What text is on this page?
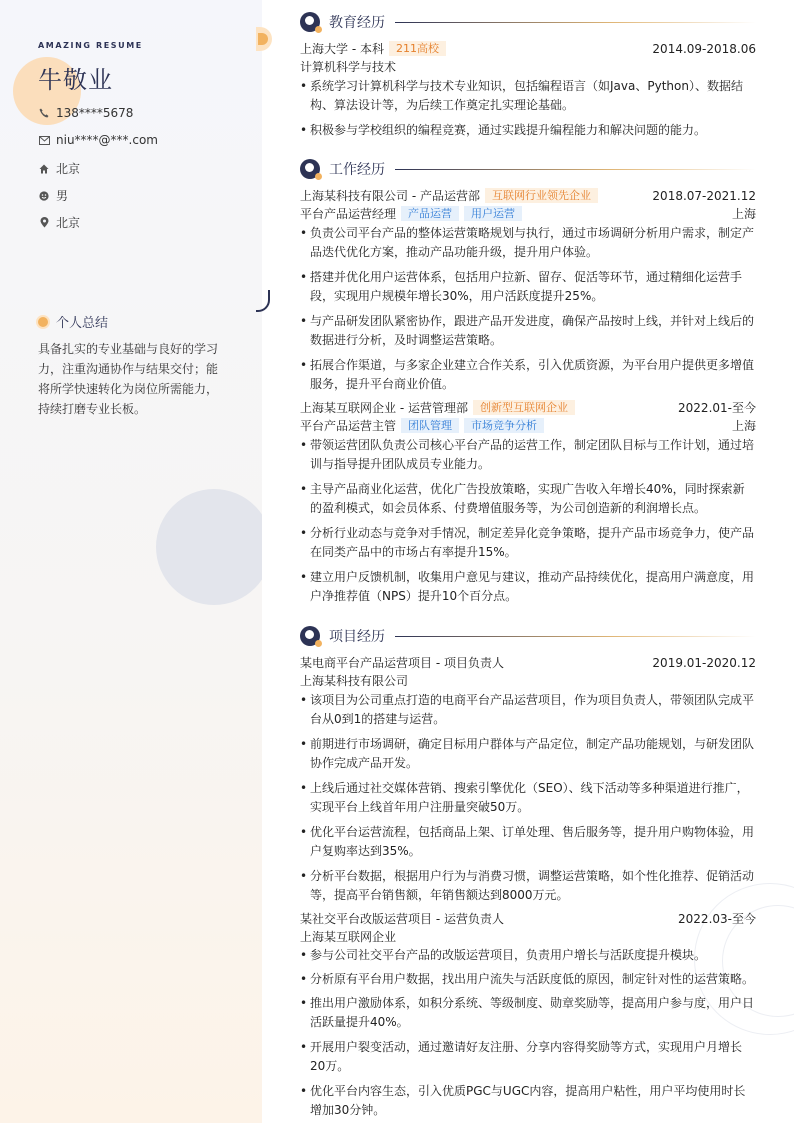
AMAZING RESUME
牛敬业
138****5678
niu****@***.com
北京
男
北京
个人总结
具备扎实的专业基础与良好的学习力，注重沟通协作与结果交付；能将所学快速转化为岗位所需能力，持续打磨专业长板。
教育经历
上海大学 - 本科	211高校	2014.09-2018.06
计算机科学与技术
• 系统学习计算机科学与技术专业知识，包括编程语言（如Java、Python）、数据结构、算法设计等，为后续工作奠定扎实理论基础。
• 积极参与学校组织的编程竞赛，通过实践提升编程能力和解决问题的能力。
工作经历
上海某科技有限公司 - 产品运营部	互联网行业领先企业	2018.07-2021.12
平台产品运营经理	产品运营	用户运营	上海
• 负责公司平台产品的整体运营策略规划与执行，通过市场调研分析用户需求，制定产品迭代优化方案，推动产品功能升级，提升用户体验。
• 搭建并优化用户运营体系，包括用户拉新、留存、促活等环节，通过精细化运营手段，实现用户规模年增长30%，用户活跃度提升25%。
• 与产品研发团队紧密协作，跟进产品开发进度，确保产品按时上线，并针对上线后的数据进行分析，及时调整运营策略。
• 拓展合作渠道，与多家企业建立合作关系，引入优质资源，为平台用户提供更多增值服务，提升平台商业价值。
上海某互联网企业 - 运营管理部	创新型互联网企业	2022.01-至今
平台产品运营主管	团队管理	市场竞争分析	上海
• 带领运营团队负责公司核心平台产品的运营工作，制定团队目标与工作计划，通过培训与指导提升团队成员专业能力。
• 主导产品商业化运营，优化广告投放策略，实现广告收入年增长40%，同时探索新的盈利模式，如会员体系、付费增值服务等，为公司创造新的利润增长点。
• 分析行业动态与竞争对手情况，制定差异化竞争策略，提升产品市场竞争力，使产品在同类产品中的市场占有率提升15%。
• 建立用户反馈机制，收集用户意见与建议，推动产品持续优化，提高用户满意度，用户净推荐值（NPS）提升10个百分点。
项目经历
某电商平台产品运营项目 - 项目负责人	2019.01-2020.12
上海某科技有限公司
• 该项目为公司重点打造的电商平台产品运营项目，作为项目负责人，带领团队完成平台从0到1的搭建与运营。
• 前期进行市场调研，确定目标用户群体与产品定位，制定产品功能规划，与研发团队协作完成产品开发。
• 上线后通过社交媒体营销、搜索引擎优化（SEO）、线下活动等多种渠道进行推广，实现平台上线首年用户注册量突破50万。
• 优化平台运营流程，包括商品上架、订单处理、售后服务等，提升用户购物体验，用户复购率达到35%。
• 分析平台数据，根据用户行为与消费习惯，调整运营策略，如个性化推荐、促销活动等，提高平台销售额，年销售额达到8000万元。
某社交平台改版运营项目 - 运营负责人	2022.03-至今
上海某互联网企业
• 参与公司社交平台产品的改版运营项目，负责用户增长与活跃度提升模块。
• 分析原有平台用户数据，找出用户流失与活跃度低的原因，制定针对性的运营策略。
• 推出用户激励体系，如积分系统、等级制度、勋章奖励等，提高用户参与度，用户日活跃量提升40%。
• 开展用户裂变活动，通过邀请好友注册、分享内容得奖励等方式，实现用户月增长20万。
• 优化平台内容生态，引入优质PGC与UGC内容，提高用户粘性，用户平均使用时长增加30分钟。
